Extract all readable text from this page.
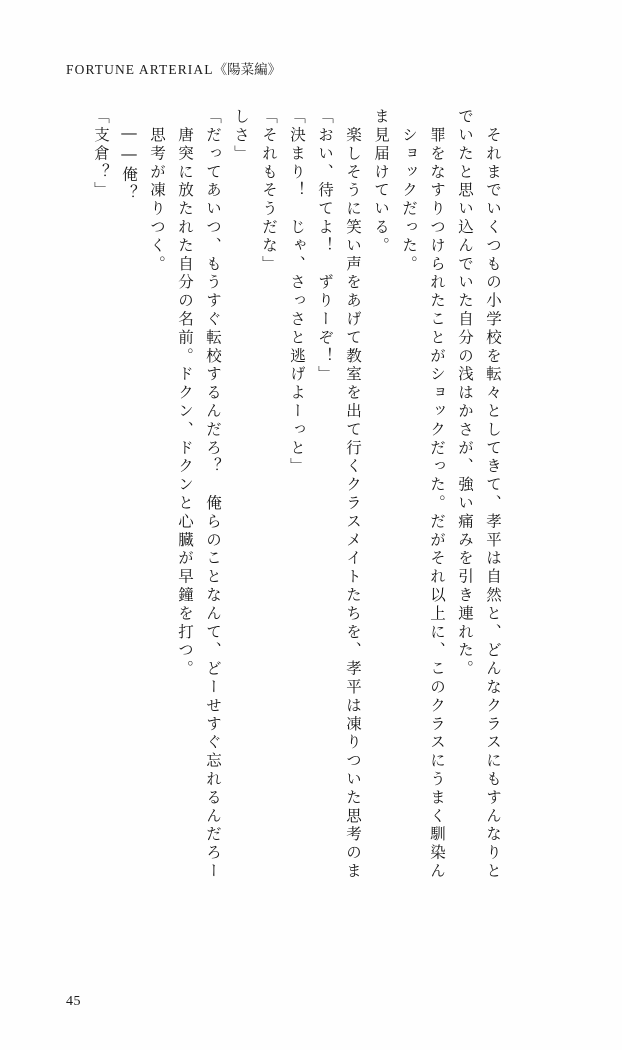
FORTUNE ARTERIAL《陽菜編》
「支倉？」 ――俺？ 　思考が凍りつく。 　唐突に放たれた自分の名前。ドクン、ドクンと心臓が早鐘を打つ。 「だってあいつ、もうすぐ転校するんだろ？　俺らのことなんて、どーせすぐ忘れるんだろー しさ」 「それもそうだな」 「決まり！　じゃ、さっさと逃げよーっと」 「おい、待てよ！　ずりーぞ！」 　楽しそうに笑い声をあげて教室を出て行くクラスメイトたちを、孝平は凍りついた思考のま ま見届けている。 　ショックだった。 　罪をなすりつけられたことがショックだった。だがそれ以上に、このクラスにうまく馴染ん でいたと思い込んでいた自分の浅はかさが、強い痛みを引き連れた。 　それまでいくつもの小学校を転々としてきて、孝平は自然と、どんなクラスにもすんなりと
45
